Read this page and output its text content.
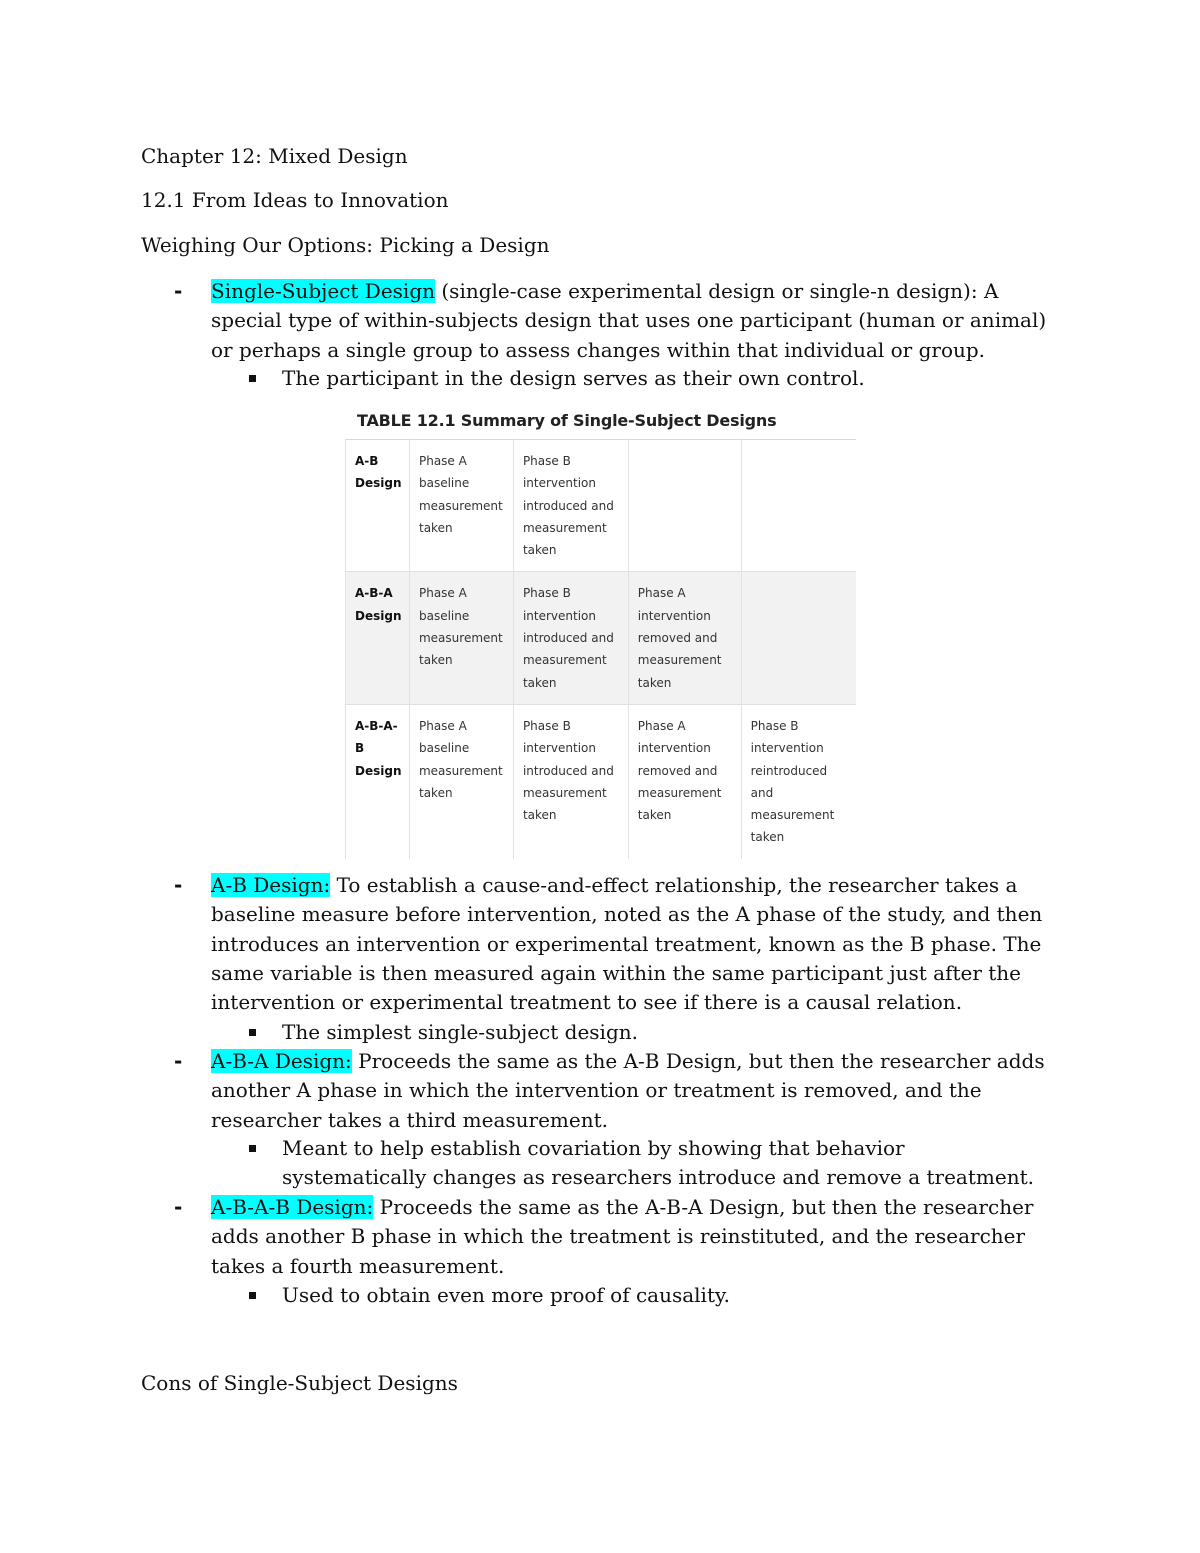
Chapter 12: Mixed Design
12.1 From Ideas to Innovation
Weighing Our Options: Picking a Design
- Single-Subject Design (single-case experimental design or single-n design): A special type of within-subjects design that uses one participant (human or animal) or perhaps a single group to assess changes within that individual or group.
The participant in the design serves as their own control.
TABLE 12.1 Summary of Single-Subject Designs
A-B Design	Phase A baseline measurement taken	Phase B intervention introduced and measurement taken		
A-B-A Design	Phase A baseline measurement taken	Phase B intervention introduced and measurement taken	Phase A intervention removed and measurement taken	
A-B-A-B Design	Phase A baseline measurement taken	Phase B intervention introduced and measurement taken	Phase A intervention removed and measurement taken	Phase B intervention reintroduced and measurement taken
- A-B Design: To establish a cause-and-effect relationship, the researcher takes a baseline measure before intervention, noted as the A phase of the study, and then introduces an intervention or experimental treatment, known as the B phase. The same variable is then measured again within the same participant just after the intervention or experimental treatment to see if there is a causal relation.
The simplest single-subject design.
- A-B-A Design: Proceeds the same as the A-B Design, but then the researcher adds another A phase in which the intervention or treatment is removed, and the researcher takes a third measurement.
Meant to help establish covariation by showing that behavior systematically changes as researchers introduce and remove a treatment.
- A-B-A-B Design: Proceeds the same as the A-B-A Design, but then the researcher adds another B phase in which the treatment is reinstituted, and the researcher takes a fourth measurement.
Used to obtain even more proof of causality.
Cons of Single-Subject Designs
